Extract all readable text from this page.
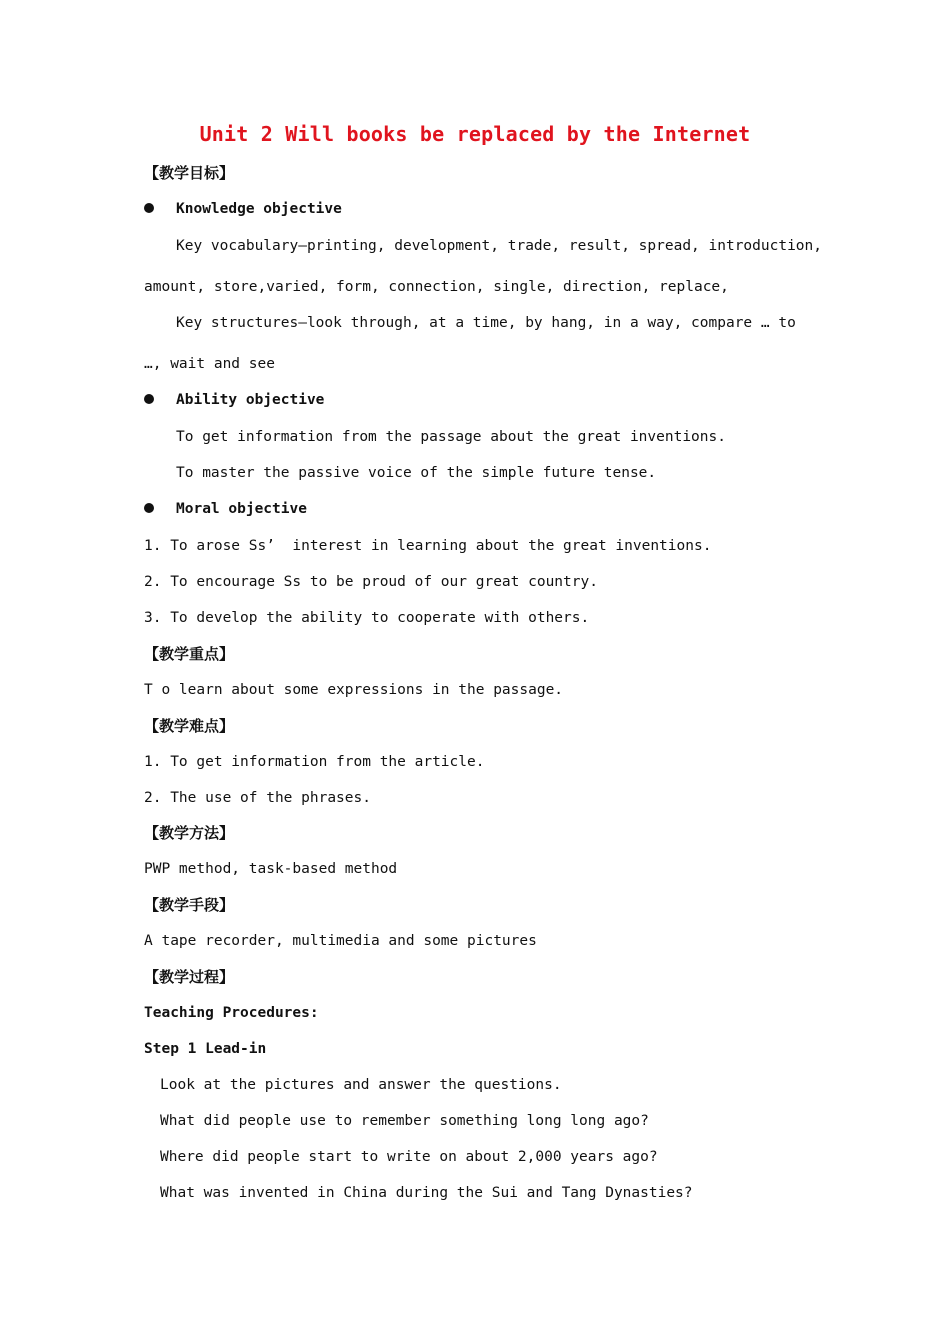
Unit 2 Will books be replaced by the Internet
【教学目标】
Knowledge objective
Key vocabulary—printing, development, trade, result, spread, introduction,
amount, store,varied, form, connection, single, direction, replace,
Key structures—look through, at a time, by hang, in a way, compare … to
…, wait and see
Ability objective
To get information from the passage about the great inventions.
To master the passive voice of the simple future tense.
Moral objective
1. To arose Ss’  interest in learning about the great inventions.
2. To encourage Ss to be proud of our great country.
3. To develop the ability to cooperate with others.
【教学重点】
T o learn about some expressions in the passage.
【教学难点】
1. To get information from the article.
2. The use of the phrases.
【教学方法】
PWP method, task-based method
【教学手段】
A tape recorder, multimedia and some pictures
【教学过程】
Teaching Procedures:
Step 1 Lead-in
Look at the pictures and answer the questions.
What did people use to remember something long long ago?
Where did people start to write on about 2,000 years ago?
What was invented in China during the Sui and Tang Dynasties?
